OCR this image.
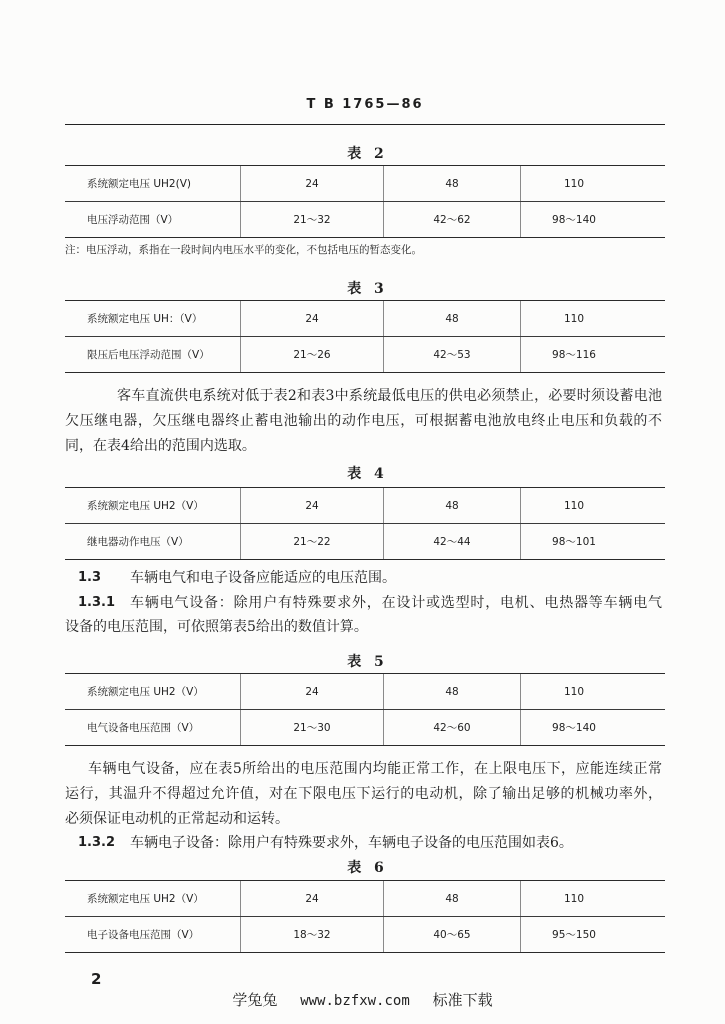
T B 1765—86
表 2
系统额定电压 UH2(V)	24	48	110
电压浮动范围（V）	21～32	42～62	98～140
注：电压浮动，系指在一段时间内电压水平的变化，不包括电压的暂态变化。
表 3
系统额定电压 UH：（V）	24	48	110
限压后电压浮动范围（V）	21～26	42～53	98～116
客车直流供电系统对低于表2和表3中系统最低电压的供电必须禁止，必要时须设蓄电池
欠压继电器，欠压继电器终止蓄电池输出的动作电压，可根据蓄电池放电终止电压和负载的不
同，在表4给出的范围内选取。
表 4
系统额定电压 UH2（V）	24	48	110
继电器动作电压（V）	21～22	42～44	98～101
1.3	车辆电气和电子设备应能适应的电压范围。
1.3.1	车辆电气设备：除用户有特殊要求外，在设计或选型时，电机、电热器等车辆电气
设备的电压范围，可依照第表5给出的数值计算。
表 5
系统额定电压 UH2（V）	24	48	110
电气设备电压范围（V）	21～30	42～60	98～140
车辆电气设备，应在表5所给出的电压范围内均能正常工作，在上限电压下，应能连续正常
运行，其温升不得超过允许值，对在下限电压下运行的电动机，除了输出足够的机械功率外，
必须保证电动机的正常起动和运转。
1.3.2	车辆电子设备：除用户有特殊要求外，车辆电子设备的电压范围如表6。
表 6
系统额定电压 UH2（V）	24	48	110
电子设备电压范围（V）	18～32	40～65	95～150
2
学兔兔 www.bzfxw.com 标准下载
